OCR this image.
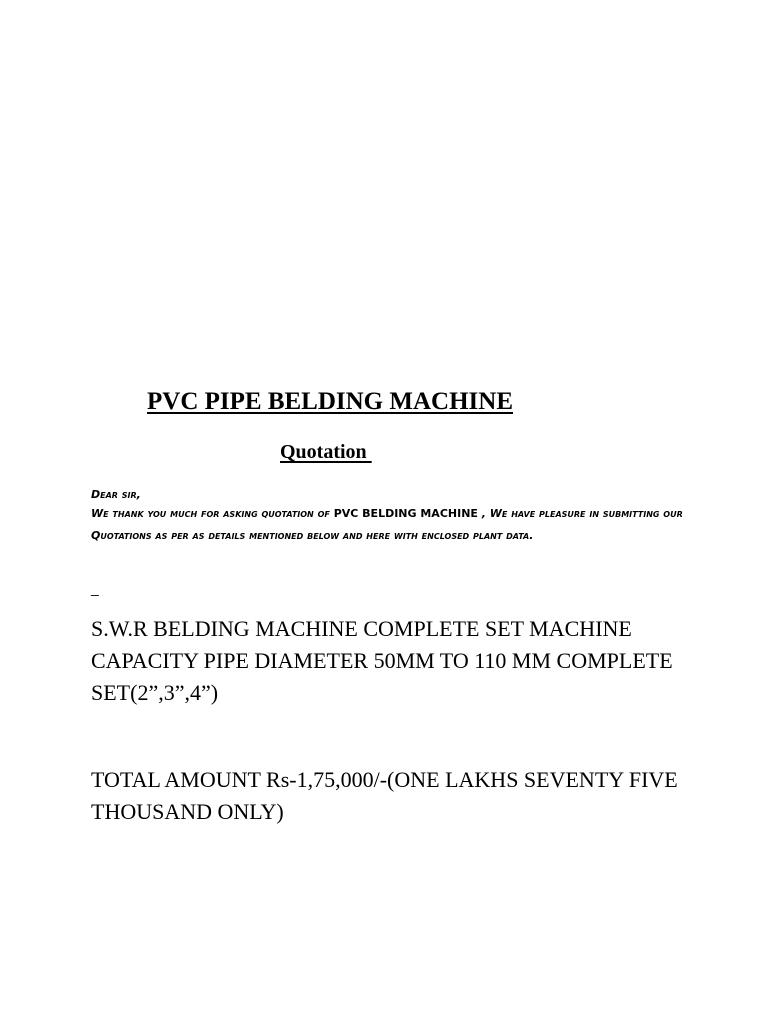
PVC PIPE BELDING MACHINE
Quotation
Dear sir,
We thank you much for asking quotation of PVC BELDING MACHINE , We have pleasure in submitting our Quotations as per as details mentioned below and here with enclosed plant data.
_

S.W.R BELDING MACHINE COMPLETE SET MACHINE CAPACITY PIPE DIAMETER 50MM TO 110 MM COMPLETE SET(2”,3”,4”)

TOTAL AMOUNT Rs-1,75,000/-(ONE LAKHS SEVENTY FIVE THOUSAND ONLY)
